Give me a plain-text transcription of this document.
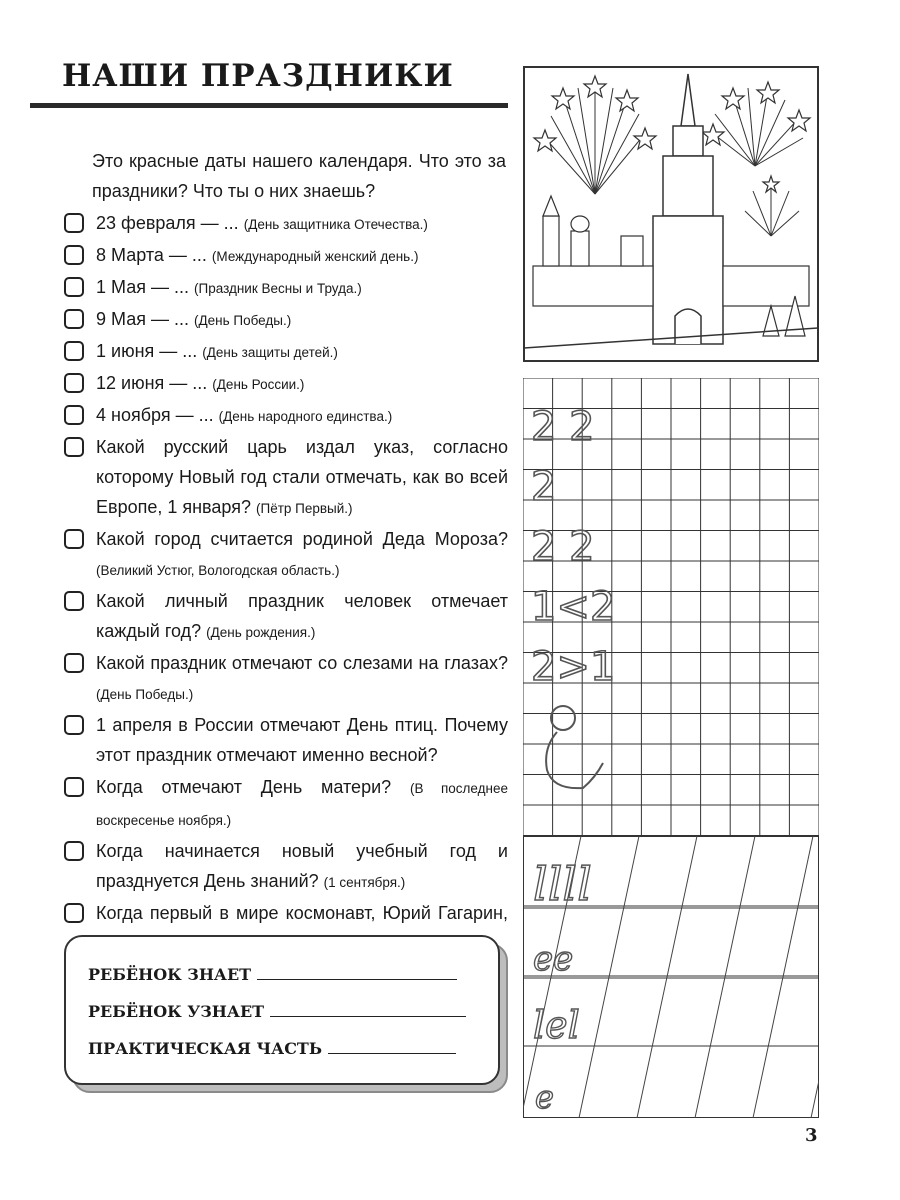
НАШИ ПРАЗДНИКИ
Это красные даты нашего календаря. Что это за праздники? Что ты о них знаешь?
23 февраля — ... (День защитника Отечества.)
8 Марта — ... (Международный женский день.)
1 Мая — ... (Праздник Весны и Труда.)
9 Мая — ... (День Победы.)
1 июня — ... (День защиты детей.)
12 июня — ... (День России.)
4 ноября — ... (День народного единства.)
Какой русский царь издал указ, согласно которому Новый год стали отмечать, как во всей Европе, 1 января? (Пётр Первый.)
Какой город считается родиной Деда Мороза? (Великий Устюг, Вологодская область.)
Какой личный праздник человек отмечает каждый год? (День рождения.)
Какой праздник отмечают со слезами на глазах? (День Победы.)
1 апреля в России отмечают День птиц. Почему этот праздник отмечают именно весной?
Когда отмечают День матери? (В последнее воскресенье ноября.)
Когда начинается новый учебный год и празднуется День знаний? (1 сентября.)
Когда первый в мире космонавт, Юрий Гагарин,
РЕБЁНОК ЗНАЕТ
РЕБЁНОК УЗНАЕТ
ПРАКТИЧЕСКАЯ ЧАСТЬ
2 2
2
2 2
1<2
2>1
llll
ee
lel
e
3
